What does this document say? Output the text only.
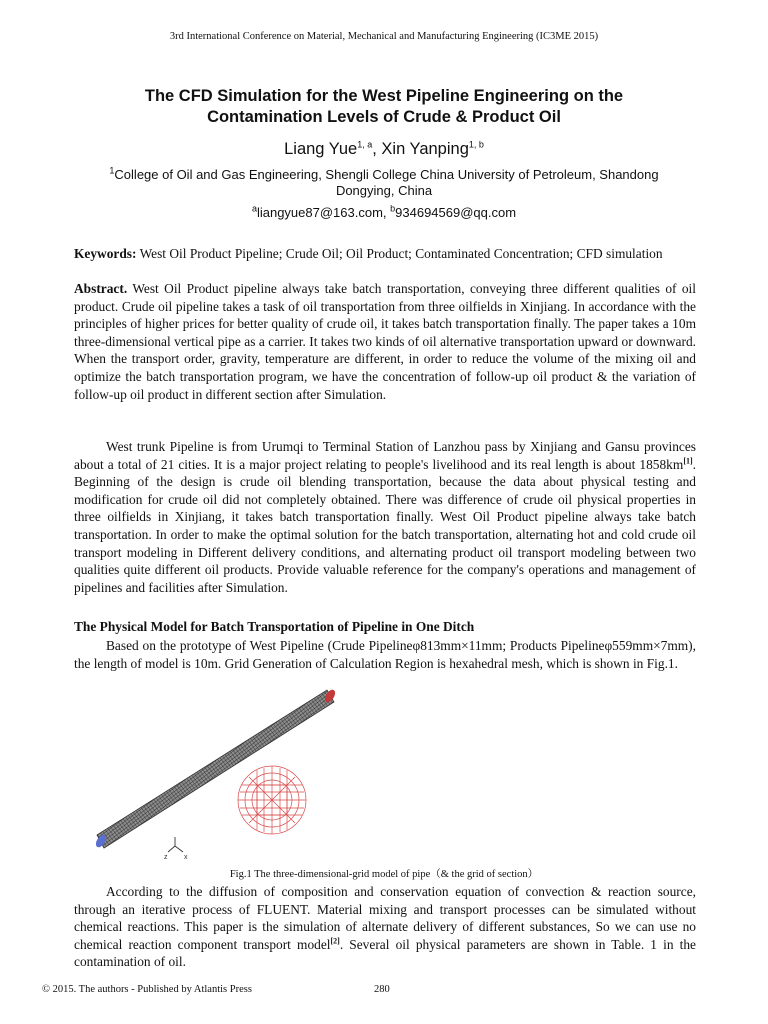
3rd International Conference on Material, Mechanical and Manufacturing Engineering (IC3ME 2015)
The CFD Simulation for the West Pipeline Engineering on the
Contamination Levels of Crude & Product Oil
Liang Yue$^{1, a}$, Xin Yanping$^{1, b}$
$^1$College of Oil and Gas Engineering, Shengli College China University of Petroleum, Shandong
Dongying, China
$^a$liangyue87@163.com, $^b$934694569@qq.com

Keywords: West Oil Product Pipeline; Crude Oil; Oil Product; Contaminated Concentration; CFD simulation

Abstract. West Oil Product pipeline always take batch transportation, conveying three different qualities of oil product. Crude oil pipeline takes a task of oil transportation from three oilfields in Xinjiang. In accordance with the principles of higher prices for better quality of crude oil, it takes batch transportation finally. The paper takes a 10m three-dimensional vertical pipe as a carrier. It takes two kinds of oil alternative transportation upward or downward. When the transport order, gravity, temperature are different, in order to reduce the volume of the mixing oil and optimize the batch transportation program, we have the concentration of follow-up oil product & the variation of follow-up oil product in different section after Simulation.

West trunk Pipeline is from Urumqi to Terminal Station of Lanzhou pass by Xinjiang and Gansu provinces about a total of 21 cities. It is a major project relating to people's livelihood and its real length is about 1858km[1]. Beginning of the design is crude oil blending transportation, because the data about physical testing and modification for crude oil did not completely obtained. There was difference of crude oil physical properties in three oilfields in Xinjiang, it takes batch transportation finally. West Oil Product pipeline always take batch transportation. In order to make the optimal solution for the batch transportation, alternating hot and cold crude oil transport modeling in Different delivery conditions, and alternating product oil transport modeling between two qualities quite different oil products. Provide valuable reference for the company's operations and management of pipelines and facilities after Simulation.

The Physical Model for Batch Transportation of Pipeline in One Ditch

Based on the prototype of West Pipeline (Crude Pipelineφ813mm×11mm; Products Pipelineφ559mm×7mm), the length of model is 10m. Grid Generation of Calculation Region is hexahedral mesh, which is shown in Fig.1.

z x
Fig.1 The three-dimensional-grid model of pipe（& the grid of section）

According to the diffusion of composition and conservation equation of convection & reaction source, through an iterative process of FLUENT. Material mixing and transport processes can be simulated without chemical reactions. This paper is the simulation of alternate delivery of different substances, So we can use no chemical reaction component transport model[2]. Several oil physical parameters are shown in Table. 1 in the contamination of oil.

© 2015. The authors - Published by Atlantis Press	280
